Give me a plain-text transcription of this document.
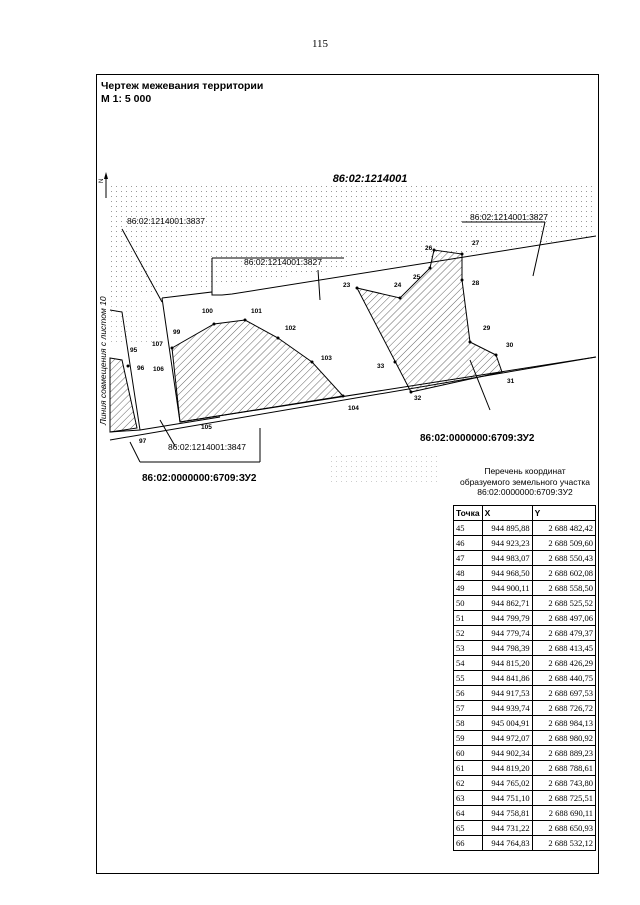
115
Чертеж межевания территории
М 1: 5 000
N	86:02:1214001
86:02:1214001:3837	86:02:1214001:3827
86:02:1214001:3827
86:02:1214001:3847
86:02:0000000:6709:ЗУ2
86:02:0000000:6709:ЗУ2
Линия совмещения с листом 10
23	24
25
26
27
28
29
30
31
32
33
95
96
97
99
100	101
102
103
104
105
106
107
Перечень координат
образуемого земельного участка
86:02:0000000:6709:ЗУ2
Точка	X	Y
45	944 895,88	2 688 482,42
46	944 923,23	2 688 509,60
47	944 983,07	2 688 550,43
48	944 968,50	2 688 602,08
49	944 900,11	2 688 558,50
50	944 862,71	2 688 525,52
51	944 799,79	2 688 497,06
52	944 779,74	2 688 479,37
53	944 798,39	2 688 413,45
54	944 815,20	2 688 426,29
55	944 841,86	2 688 440,75
56	944 917,53	2 688 697,53
57	944 939,74	2 688 726,72
58	945 004,91	2 688 984,13
59	944 972,07	2 688 980,92
60	944 902,34	2 688 889,23
61	944 819,20	2 688 788,61
62	944 765,02	2 688 743,80
63	944 751,10	2 688 725,51
64	944 758,81	2 688 690,11
65	944 731,22	2 688 650,93
66	944 764,83	2 688 532,12
